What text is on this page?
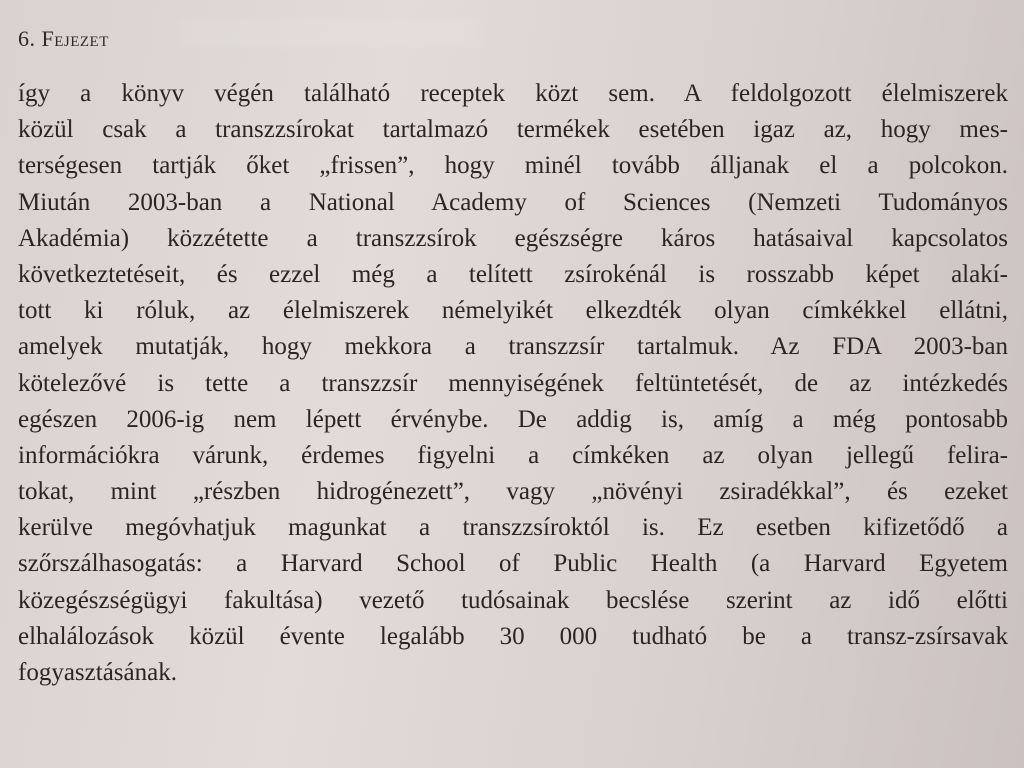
6. Fejezet
így a könyv végén található receptek közt sem. A feldolgozott élelmiszerek
közül csak a transzzsírokat tartalmazó termékek esetében igaz az, hogy mes-
terségesen tartják őket „frissen”, hogy minél tovább álljanak el a polcokon.
Miután 2003-ban a National Academy of Sciences (Nemzeti Tudományos
Akadémia) közzétette a transzzsírok egészségre káros hatásaival kapcsolatos
következtetéseit, és ezzel még a telített zsírokénál is rosszabb képet alakí-
tott ki róluk, az élelmiszerek némelyikét elkezdték olyan címkékkel ellátni,
amelyek mutatják, hogy mekkora a transzzsír tartalmuk. Az FDA 2003-ban
kötelezővé is tette a transzzsír mennyiségének feltüntetését, de az intézkedés
egészen 2006-ig nem lépett érvénybe. De addig is, amíg a még pontosabb
információkra várunk, érdemes figyelni a címkéken az olyan jellegű felira-
tokat, mint „részben hidrogénezett”, vagy „növényi zsiradékkal”, és ezeket
kerülve megóvhatjuk magunkat a transzzsíroktól is. Ez esetben kifizetődő a
szőrszálhasogatás: a Harvard School of Public Health (a Harvard Egyetem
közegészségügyi fakultása) vezető tudósainak becslése szerint az idő előtti
elhalálozások közül évente legalább 30 000 tudható be a transz-zsírsavak
fogyasztásának.
